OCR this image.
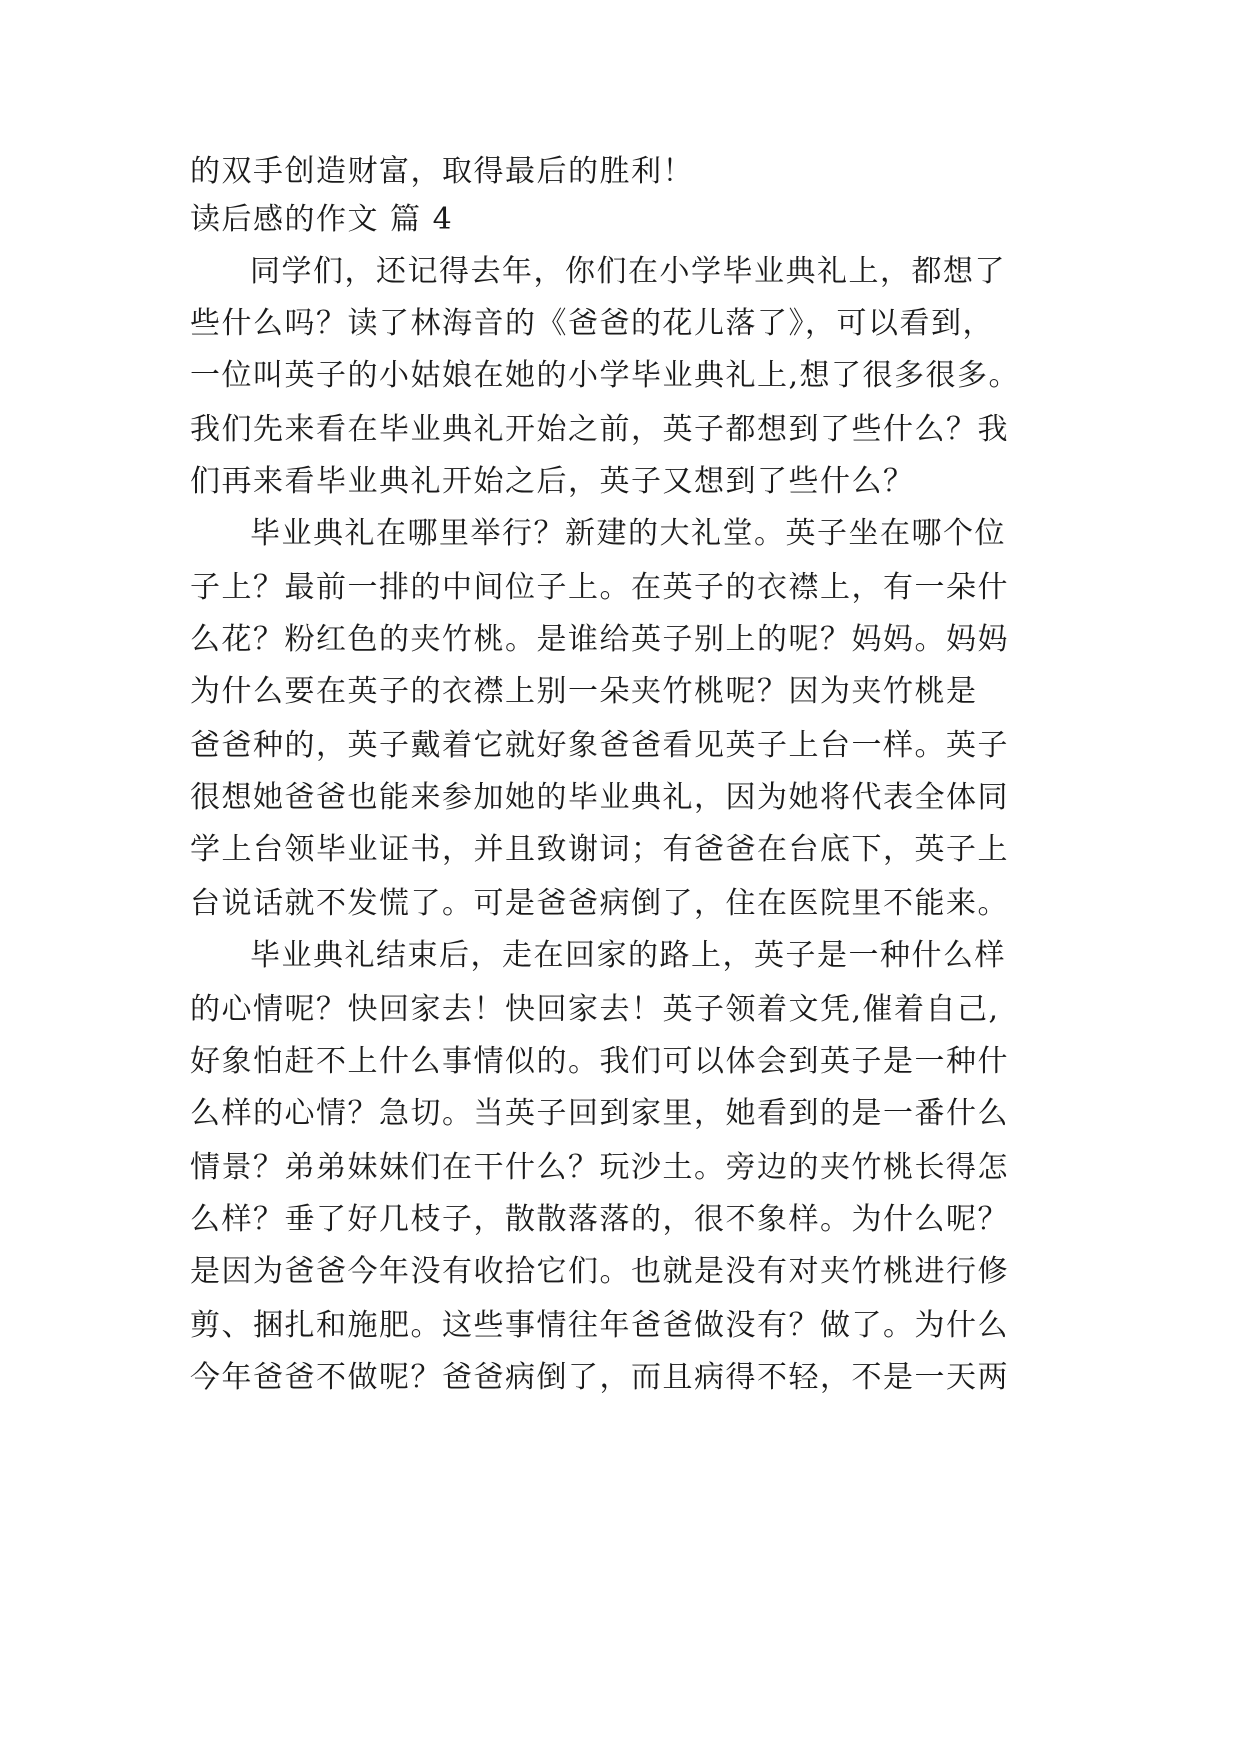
的双手创造财富，取得最后的胜利！
读后感的作文 篇 4
同学们，还记得去年，你们在小学毕业典礼上，都想了
些什么吗？读了林海音的《爸爸的花儿落了》，可以看到，
一位叫英子的小姑娘在她的小学毕业典礼上,想了很多很多。
我们先来看在毕业典礼开始之前，英子都想到了些什么？我
们再来看毕业典礼开始之后，英子又想到了些什么？
毕业典礼在哪里举行？新建的大礼堂。英子坐在哪个位
子上？最前一排的中间位子上。在英子的衣襟上，有一朵什
么花？粉红色的夹竹桃。是谁给英子别上的呢？妈妈。妈妈
为什么要在英子的衣襟上别一朵夹竹桃呢？因为夹竹桃是
爸爸种的，英子戴着它就好象爸爸看见英子上台一样。英子
很想她爸爸也能来参加她的毕业典礼，因为她将代表全体同
学上台领毕业证书，并且致谢词；有爸爸在台底下，英子上
台说话就不发慌了。可是爸爸病倒了，住在医院里不能来。
毕业典礼结束后，走在回家的路上，英子是一种什么样
的心情呢？快回家去！快回家去！英子领着文凭,催着自己,
好象怕赶不上什么事情似的。我们可以体会到英子是一种什
么样的心情？急切。当英子回到家里，她看到的是一番什么
情景？弟弟妹妹们在干什么？玩沙土。旁边的夹竹桃长得怎
么样？垂了好几枝子，散散落落的，很不象样。为什么呢？
是因为爸爸今年没有收拾它们。也就是没有对夹竹桃进行修
剪、捆扎和施肥。这些事情往年爸爸做没有？做了。为什么
今年爸爸不做呢？爸爸病倒了，而且病得不轻，不是一天两
